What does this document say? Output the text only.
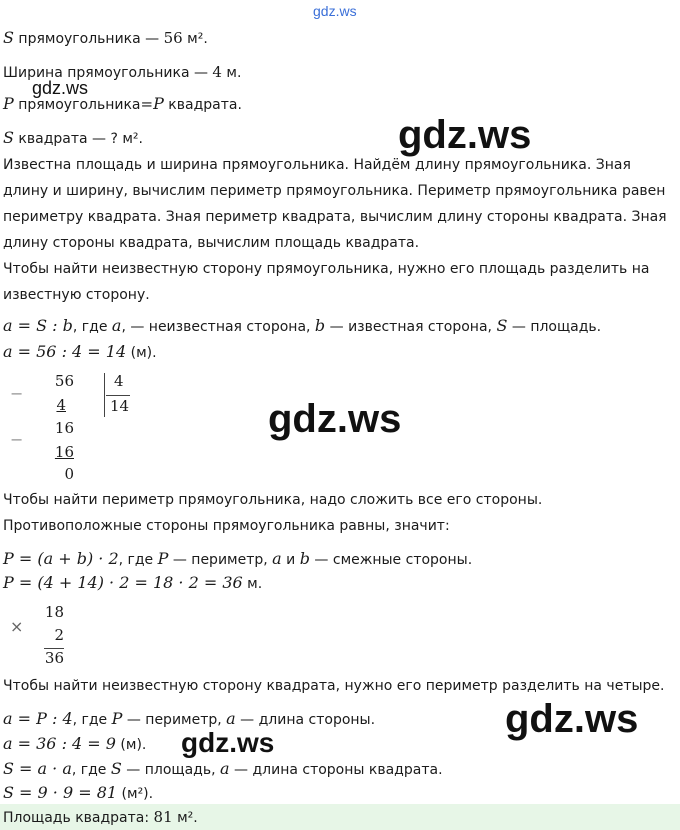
gdz.ws
S прямоугольника — 56 м².
Ширина прямоугольника — 4 м.
gdz.ws
P прямоугольника=P квадрата.
S квадрата — ? м².	gdz.ws
Известна площадь и ширина прямоугольника. Найдём длину прямоугольника. Зная длину и ширину, вычислим периметр прямоугольника. Периметр прямоугольника равен периметру квадрата. Зная периметр квадрата, вычислим длину стороны квадрата. Зная длину стороны квадрата, вычислим площадь квадрата.
Чтобы найти неизвестную сторону прямоугольника, нужно его площадь разделить на известную сторону.
a = S : b, где a, — неизвестная сторона, b — известная сторона, S — площадь.
a = 56 : 4 = 14 (м).
−
56
4
4
14
−
16
16
0
gdz.ws
Чтобы найти периметр прямоугольника, надо сложить все его стороны.
Противоположные стороны прямоугольника равны, значит:
P = (a + b) · 2, где P — периметр, a и b — смежные стороны.
P = (4 + 14) · 2 = 18 · 2 = 36 м.
×
18
2
36
Чтобы найти неизвестную сторону квадрата, нужно его периметр разделить на четыре.
gdz.ws
a = P : 4, где P — периметр, a — длина стороны.
a = 36 : 4 = 9 (м). gdz.ws
S = a · a, где S — площадь, a — длина стороны квадрата.
S = 9 · 9 = 81 (м²).
Площадь квадрата: 81 м².
